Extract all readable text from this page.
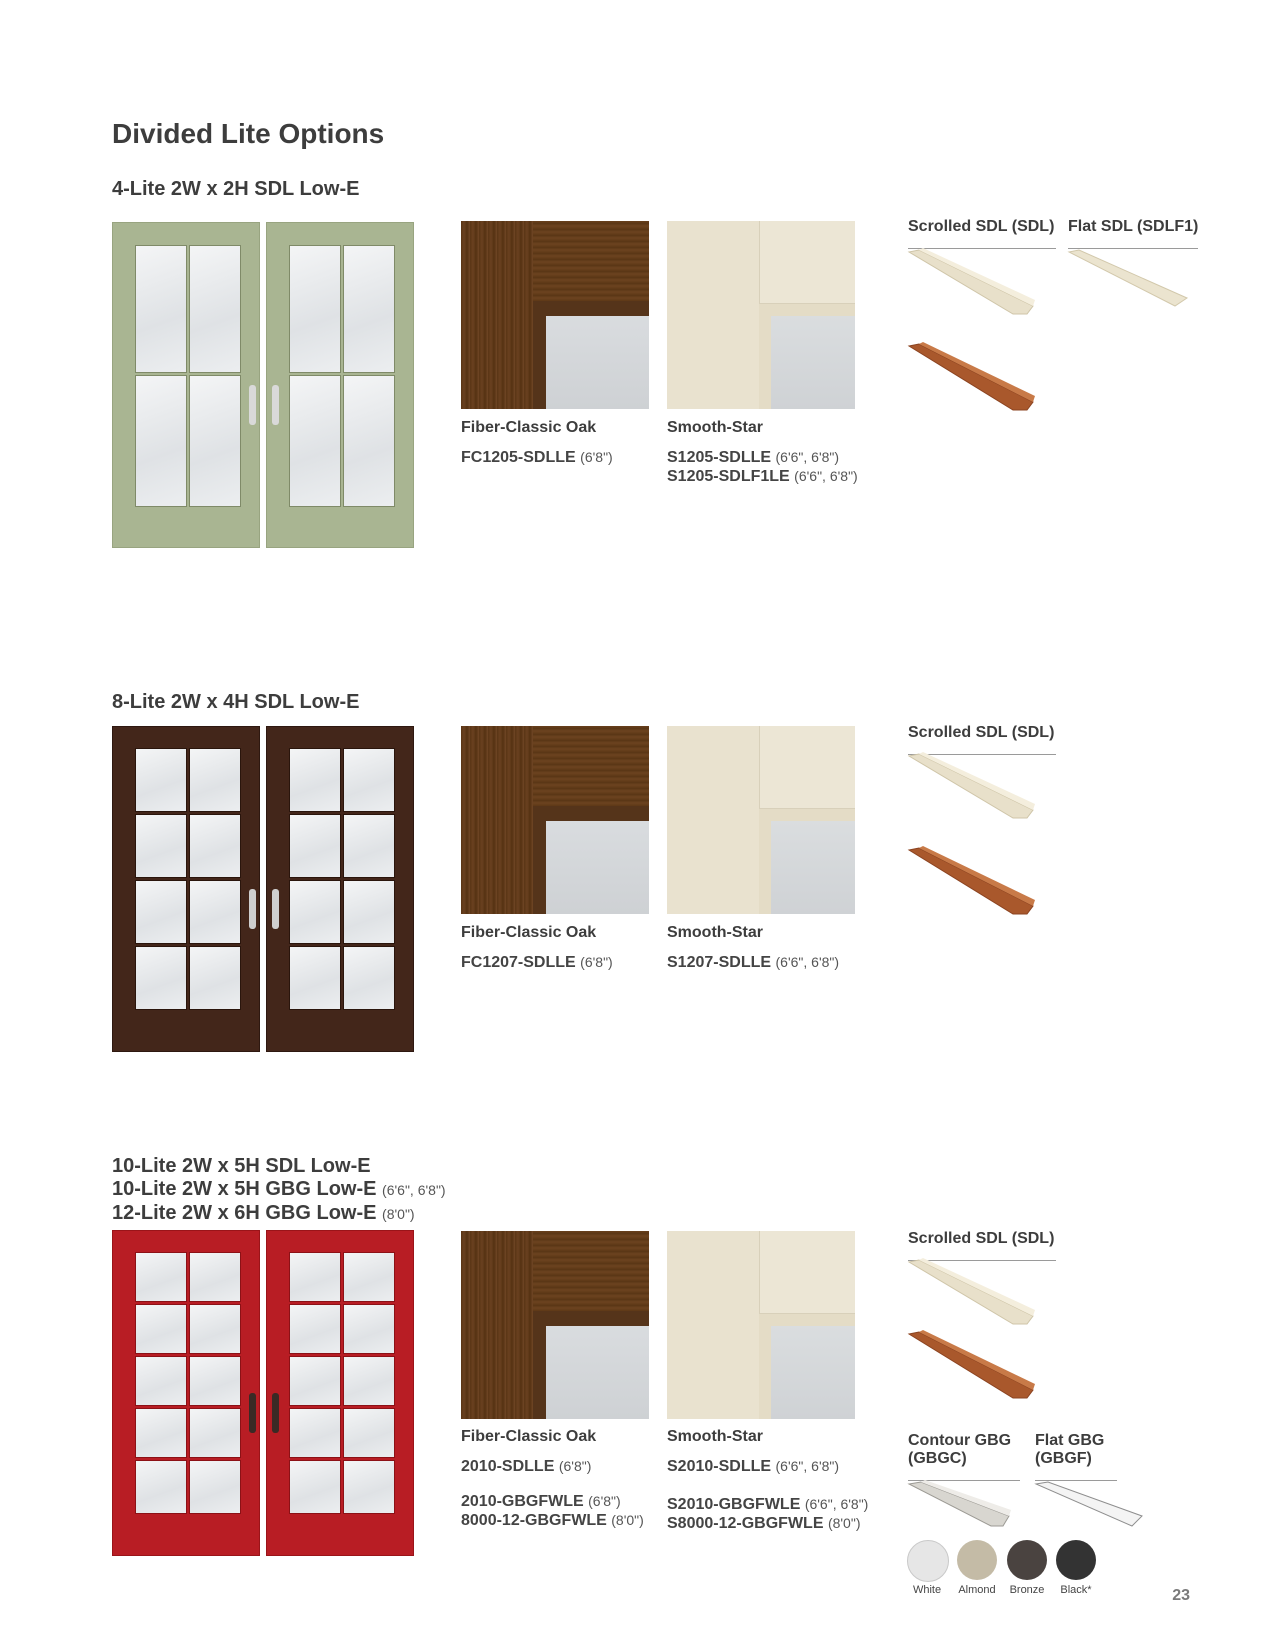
Divided Lite Options
4-Lite 2W x 2H SDL Low-E
Fiber-Classic Oak
FC1205-SDLLE (6'8")
Smooth-Star
S1205-SDLLE (6'6", 6'8")
S1205-SDLF1LE (6'6", 6'8")
Scrolled SDL (SDL) Flat SDL (SDLF1)
8-Lite 2W x 4H SDL Low-E
Fiber-Classic Oak
FC1207-SDLLE (6'8")
Smooth-Star
S1207-SDLLE (6'6", 6'8")
Scrolled SDL (SDL)
10-Lite 2W x 5H SDL Low-E
10-Lite 2W x 5H GBG Low-E (6'6", 6'8")
12-Lite 2W x 6H GBG Low-E (8'0")
Fiber-Classic Oak
2010-SDLLE (6'8")
2010-GBGFWLE (6'8")
8000-12-GBGFWLE (8'0")
Smooth-Star
S2010-SDLLE (6'6", 6'8")
S2010-GBGFWLE (6'6", 6'8")
S8000-12-GBGFWLE (8'0")
Scrolled SDL (SDL)
Contour GBG (GBGC)
Flat GBG (GBGF)
White	Almond	Bronze	Black*	23
